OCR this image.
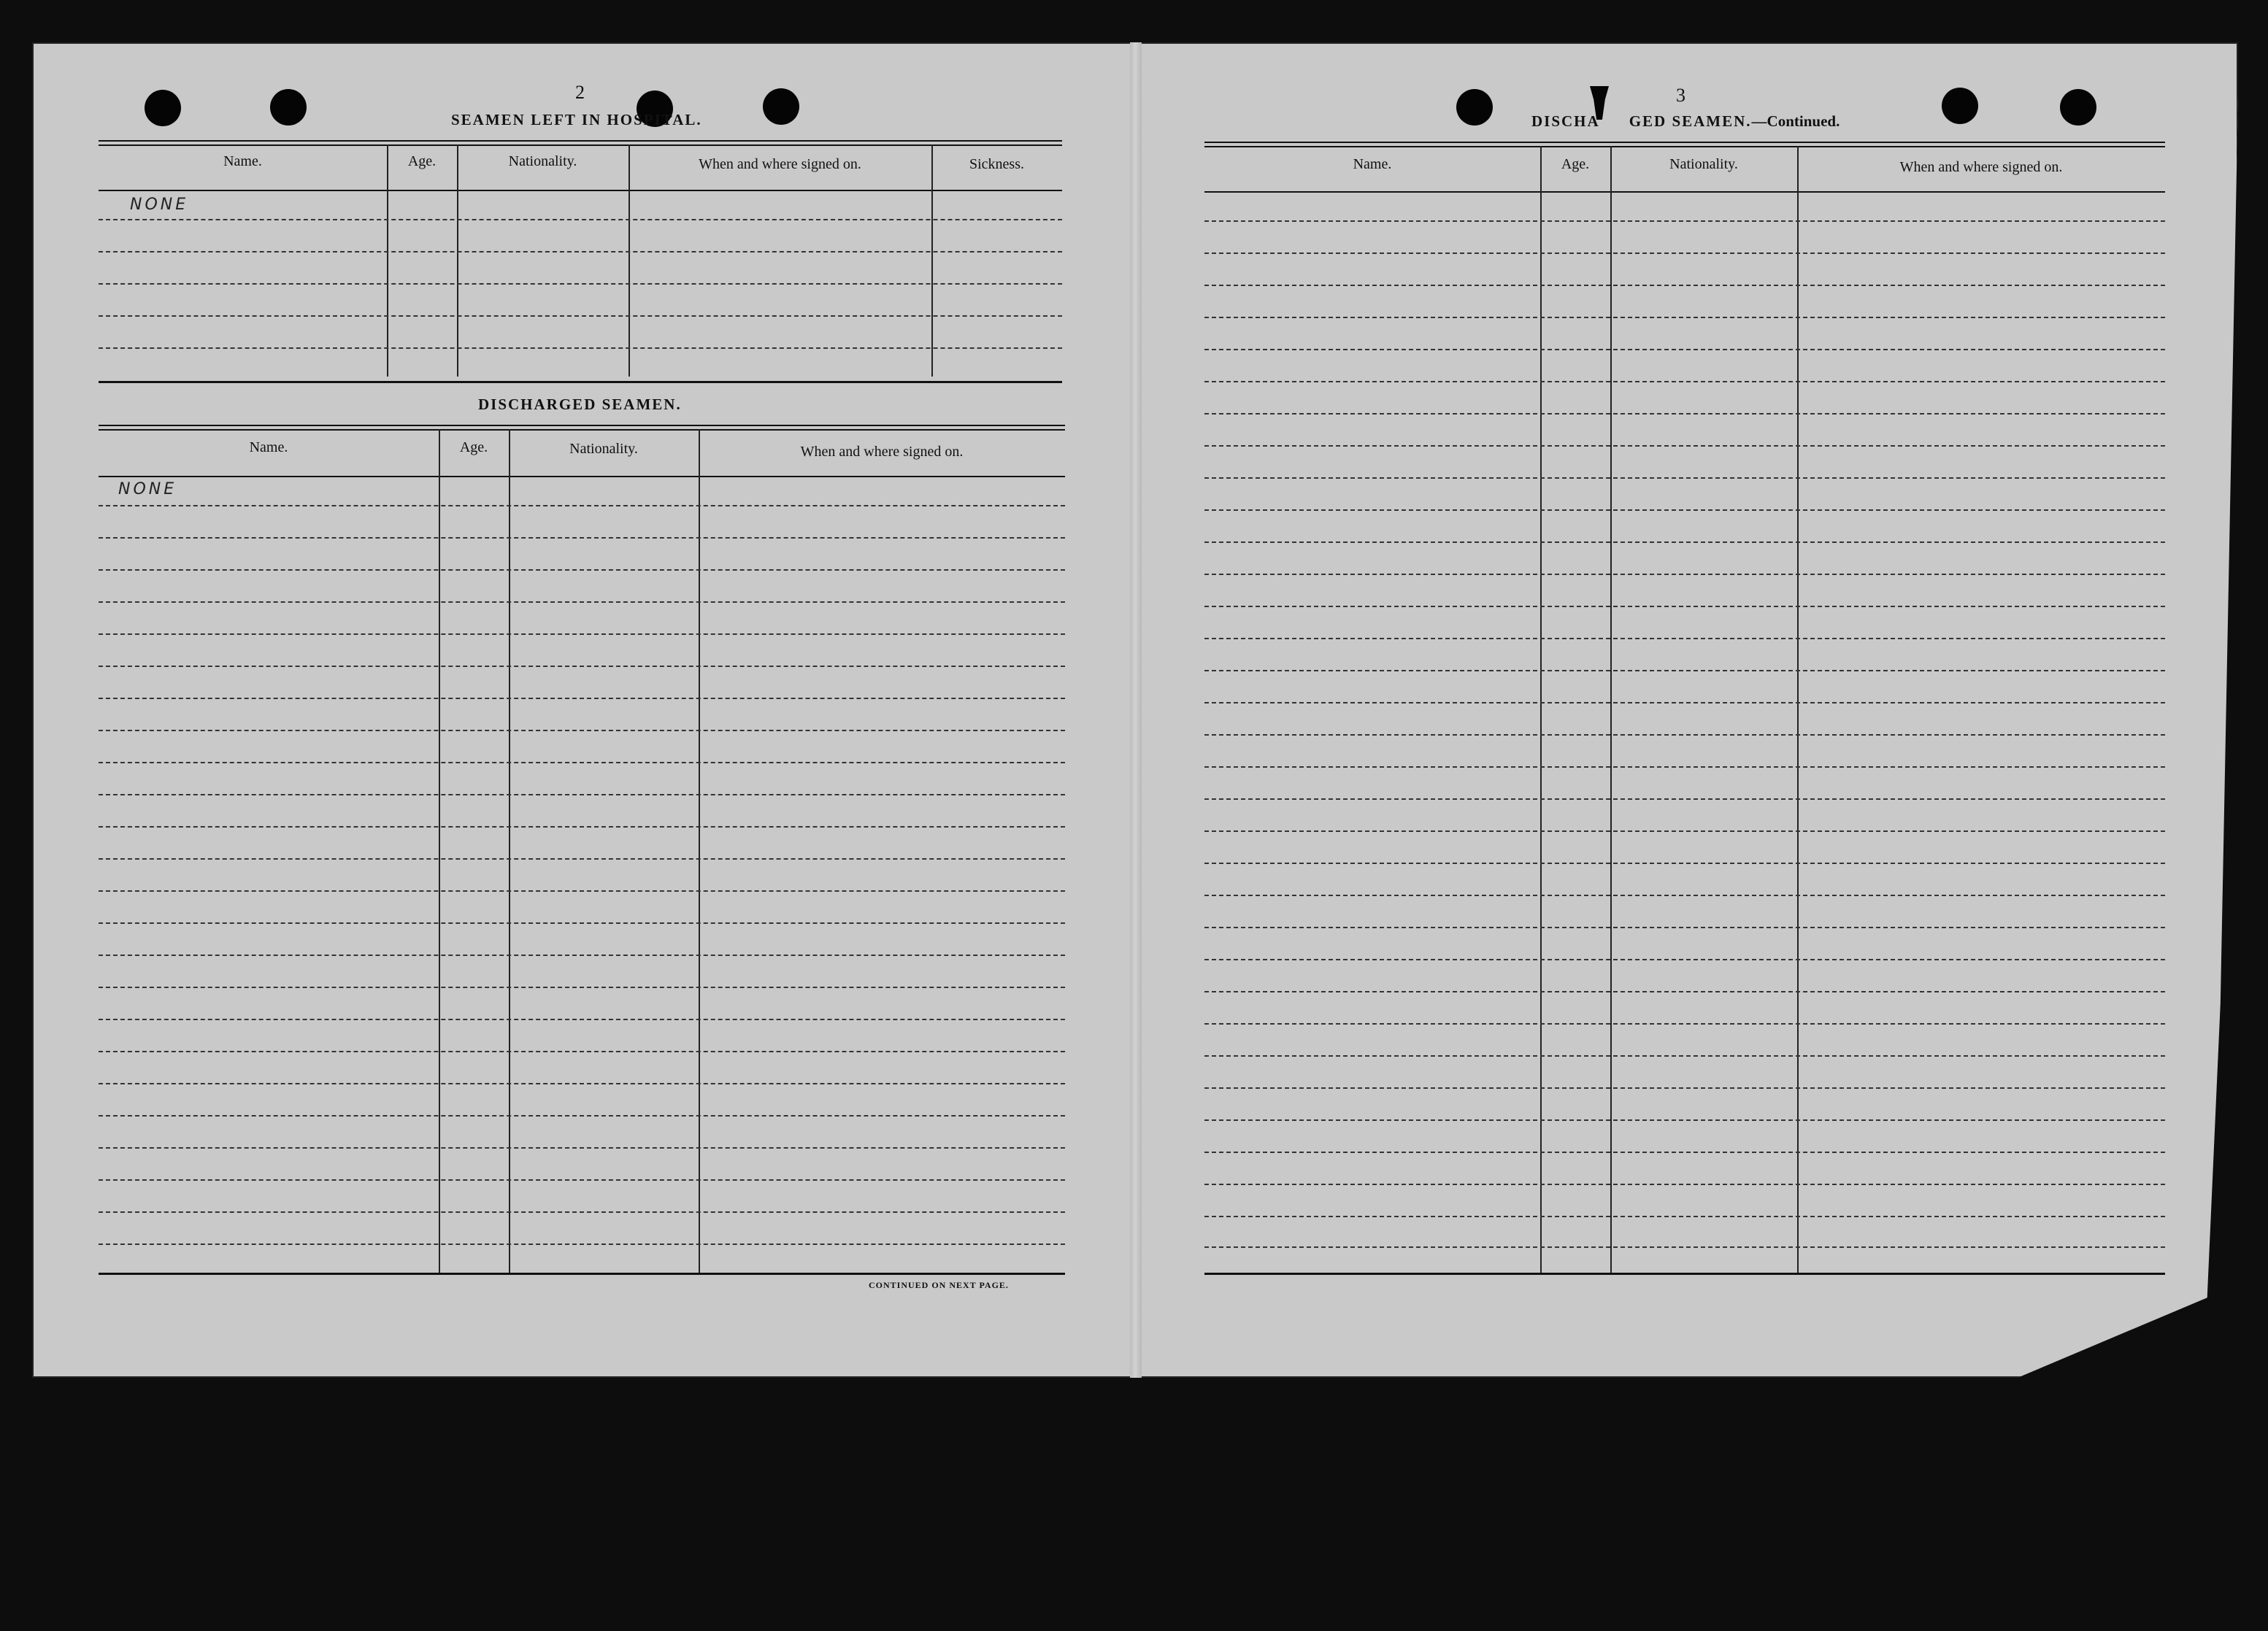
2
SEAMEN LEFT IN HOSPITAL.
Name.	Age.	Nationality.	When and where signed on.	Sickness.
NONE
DISCHARGED SEAMEN.
Name.	Age.	Nationality.	When and where signed on.
NONE
CONTINUED ON NEXT PAGE.
3
DISCHA GED SEAMEN.—Continued.
Name.	Age.	Nationality.	When and where signed on.
